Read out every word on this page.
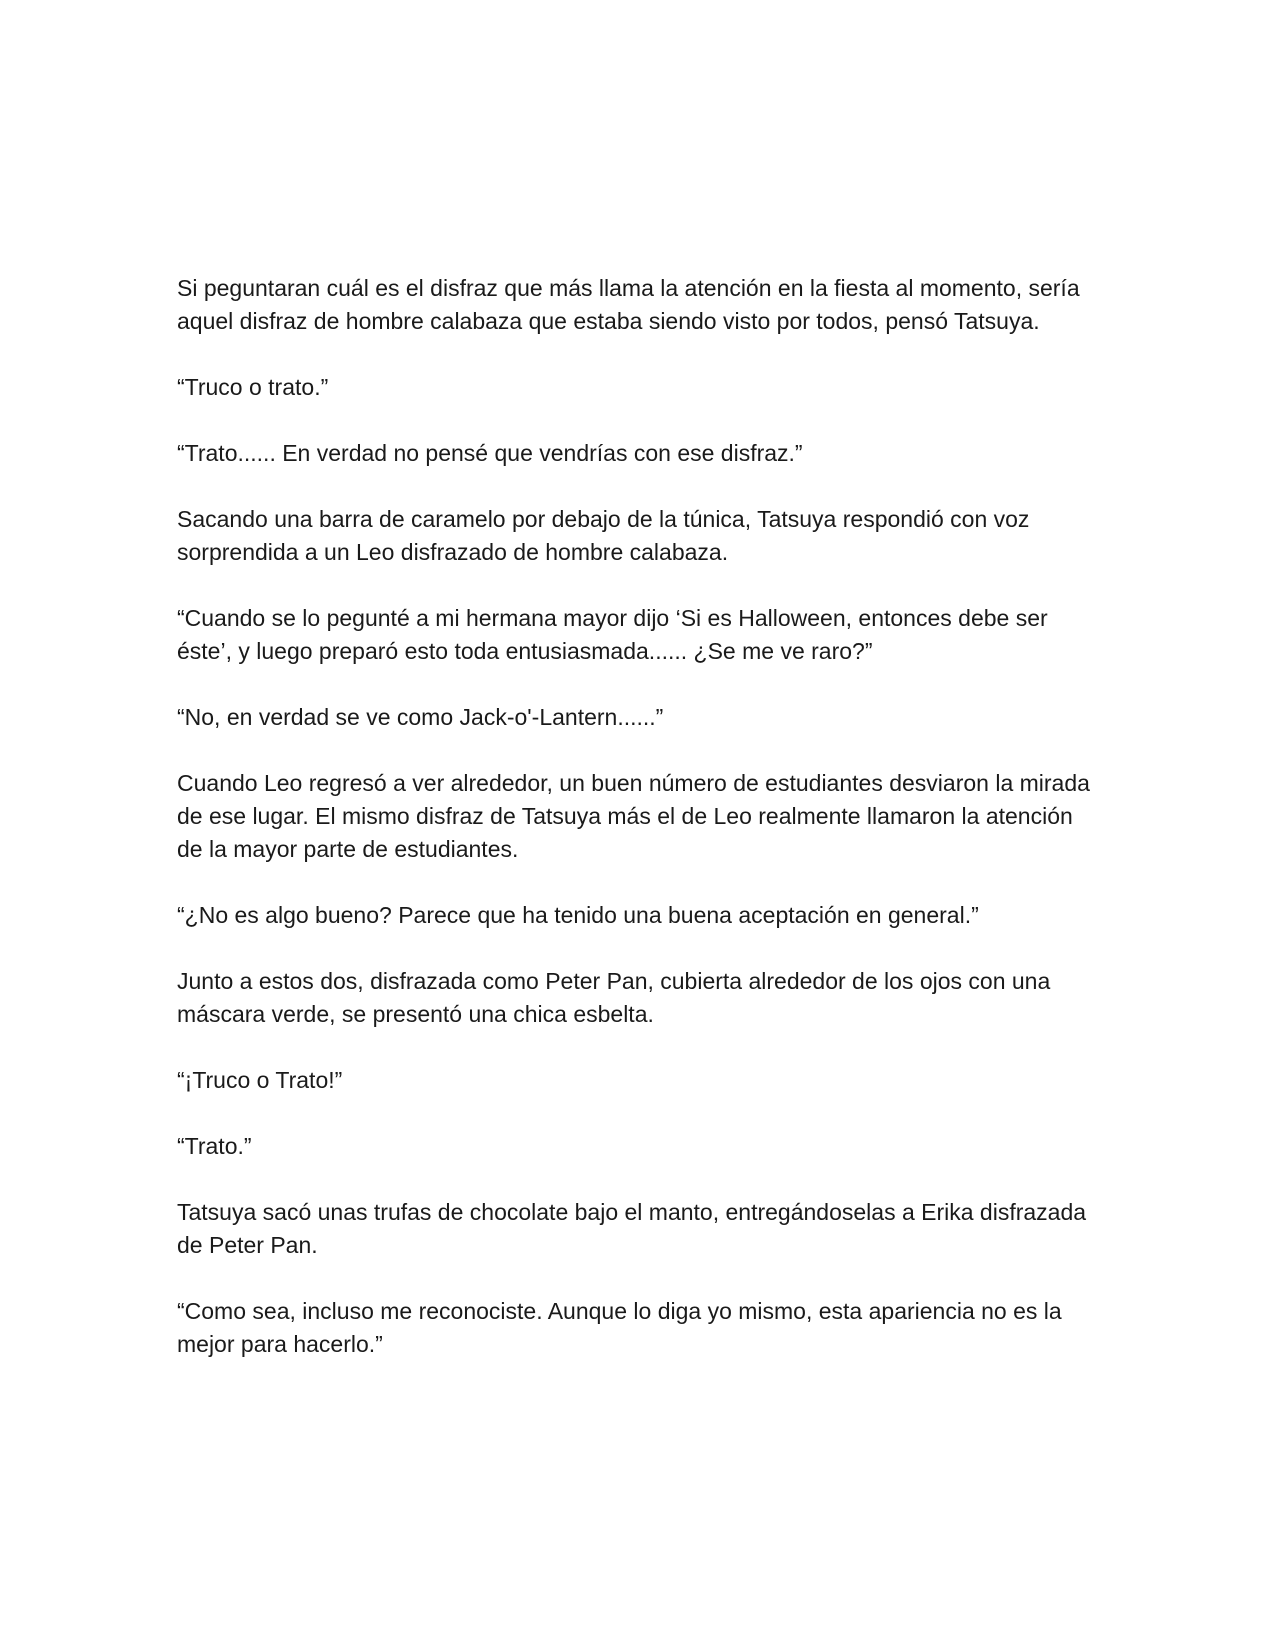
Si peguntaran cuál es el disfraz que más llama la atención en la fiesta al momento, sería aquel disfraz de hombre calabaza que estaba siendo visto por todos, pensó Tatsuya.

“Truco o trato.”

“Trato...... En verdad no pensé que vendrías con ese disfraz.”

Sacando una barra de caramelo por debajo de la túnica, Tatsuya respondió con voz sorprendida a un Leo disfrazado de hombre calabaza.

“Cuando se lo pegunté a mi hermana mayor dijo ‘Si es Halloween, entonces debe ser éste’, y luego preparó esto toda entusiasmada...... ¿Se me ve raro?”

“No, en verdad se ve como Jack-o'-Lantern......”

Cuando Leo regresó a ver alrededor, un buen número de estudiantes desviaron la mirada de ese lugar. El mismo disfraz de Tatsuya más el de Leo realmente llamaron la atención de la mayor parte de estudiantes.

“¿No es algo bueno? Parece que ha tenido una buena aceptación en general.”

Junto a estos dos, disfrazada como Peter Pan, cubierta alrededor de los ojos con una máscara verde, se presentó una chica esbelta.

“¡Truco o Trato!”

“Trato.”

Tatsuya sacó unas trufas de chocolate bajo el manto, entregándoselas a Erika disfrazada de Peter Pan.

“Como sea, incluso me reconociste. Aunque lo diga yo mismo, esta apariencia no es la mejor para hacerlo.”
